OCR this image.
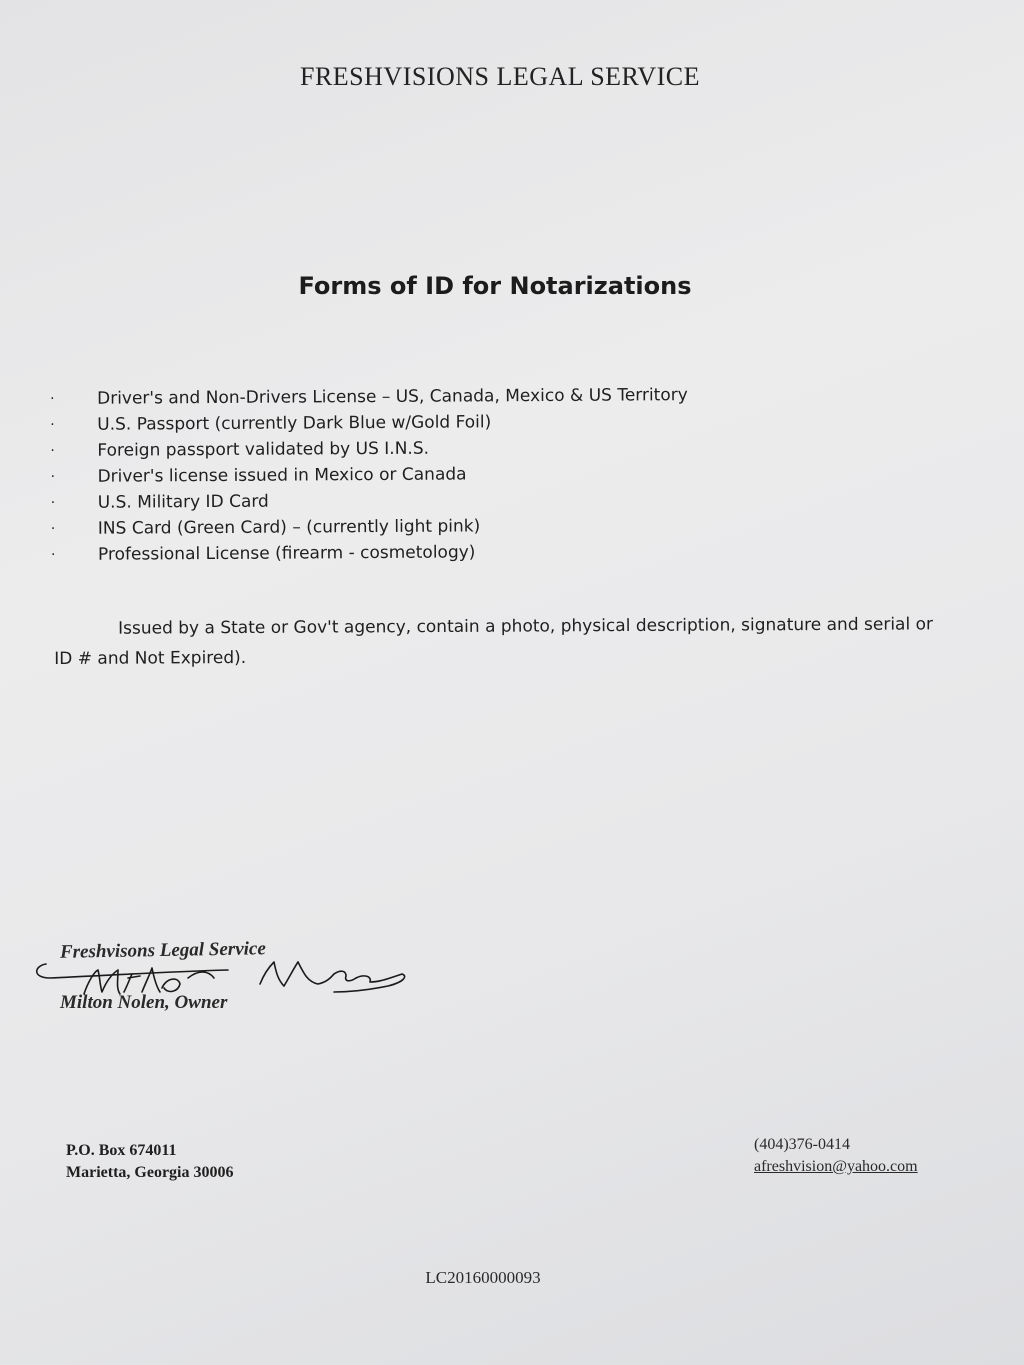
FRESHVISIONS LEGAL SERVICE
Forms of ID for Notarizations
· Driver's and Non-Drivers License – US, Canada, Mexico & US Territory
· U.S. Passport (currently Dark Blue w/Gold Foil)
· Foreign passport validated by US I.N.S.
· Driver's license issued in Mexico or Canada
· U.S. Military ID Card
· INS Card (Green Card) – (currently light pink)
· Professional License (firearm - cosmetology)
Issued by a State or Gov't agency, contain a photo, physical description, signature and serial or ID # and Not Expired).
Freshvisons Legal Service
Milton Nolen, Owner
P.O. Box 674011
Marietta, Georgia 30006
(404)376-0414
afreshvision@yahoo.com
LC20160000093
